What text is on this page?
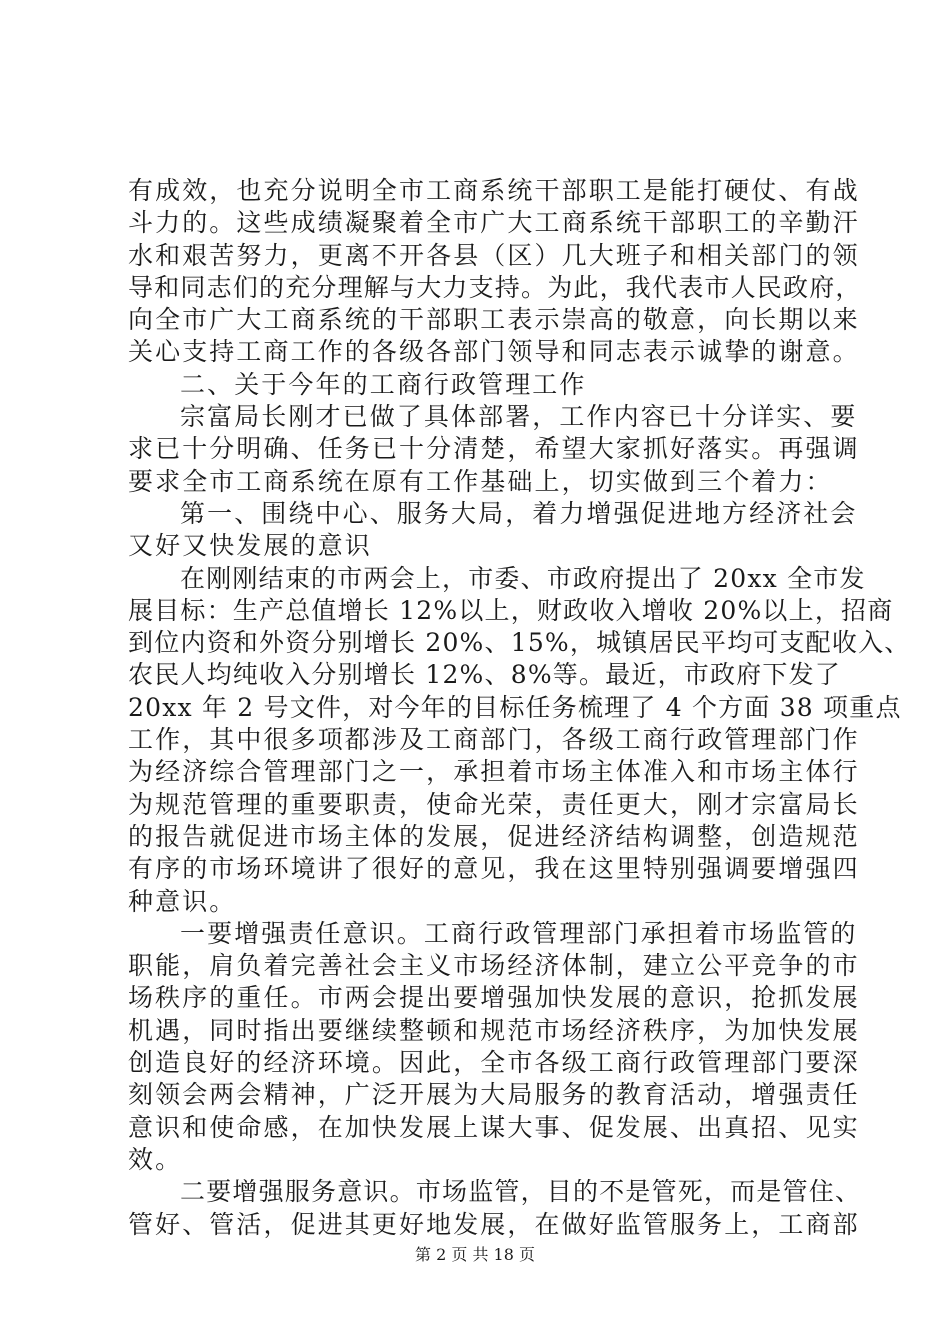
有成效，也充分说明全市工商系统干部职工是能打硬仗、有战
斗力的。这些成绩凝聚着全市广大工商系统干部职工的辛勤汗
水和艰苦努力，更离不开各县（区）几大班子和相关部门的领
导和同志们的充分理解与大力支持。为此，我代表市人民政府，
向全市广大工商系统的干部职工表示崇高的敬意，向长期以来
关心支持工商工作的各级各部门领导和同志表示诚挚的谢意。
二、关于今年的工商行政管理工作
宗富局长刚才已做了具体部署，工作内容已十分详实、要
求已十分明确、任务已十分清楚，希望大家抓好落实。再强调
要求全市工商系统在原有工作基础上，切实做到三个着力：
第一、围绕中心、服务大局，着力增强促进地方经济社会
又好又快发展的意识
在刚刚结束的市两会上，市委、市政府提出了 20xx 全市发
展目标：生产总值增长 12%以上，财政收入增收 20%以上，招商
到位内资和外资分别增长 20%、15%，城镇居民平均可支配收入、
农民人均纯收入分别增长 12%、8%等。最近，市政府下发了
20xx 年 2 号文件，对今年的目标任务梳理了 4 个方面 38 项重点
工作，其中很多项都涉及工商部门，各级工商行政管理部门作
为经济综合管理部门之一，承担着市场主体准入和市场主体行
为规范管理的重要职责，使命光荣，责任更大，刚才宗富局长
的报告就促进市场主体的发展，促进经济结构调整，创造规范
有序的市场环境讲了很好的意见，我在这里特别强调要增强四
种意识。
一要增强责任意识。工商行政管理部门承担着市场监管的
职能，肩负着完善社会主义市场经济体制，建立公平竞争的市
场秩序的重任。市两会提出要增强加快发展的意识，抢抓发展
机遇，同时指出要继续整顿和规范市场经济秩序，为加快发展
创造良好的经济环境。因此，全市各级工商行政管理部门要深
刻领会两会精神，广泛开展为大局服务的教育活动，增强责任
意识和使命感，在加快发展上谋大事、促发展、出真招、见实
效。
二要增强服务意识。市场监管，目的不是管死，而是管住、
管好、管活，促进其更好地发展，在做好监管服务上，工商部
第 2 页 共 18 页
